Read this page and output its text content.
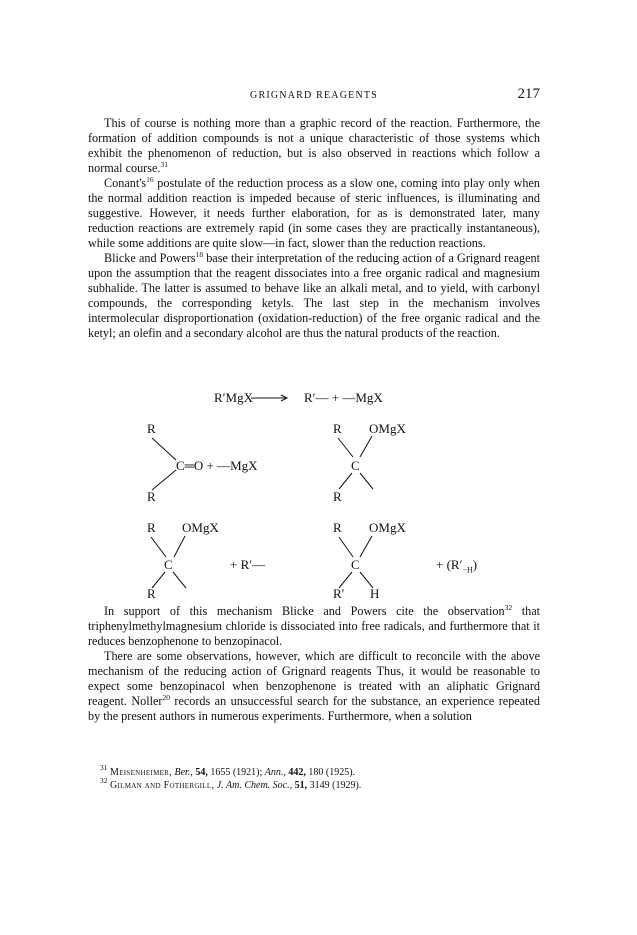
GRIGNARD REAGENTS	217

This of course is nothing more than a graphic record of the reaction. Furthermore, the formation of addition compounds is not a unique characteristic of those systems which exhibit the phenomenon of reduction, but is also observed in reactions which follow a normal course.$^{31}$

$Conant's^{16}$ postulate of the reduction process as a slow one, coming into play only when the normal addition reaction is impeded because of steric influences, is illuminating and suggestive. However, it needs further elaboration, for as is demonstrated later, many reduction reactions are extremely rapid (in some cases they are practically instantaneous), while some additions are quite slow—in fact, slower than the reduction reactions.

Blicke and Powers$^{18}$ base their interpretation of the reducing action of a Grignard reagent upon the assumption that the reagent dissociates into a free organic radical and magnesium subhalide. The latter is assumed to behave like an alkali metal, and to yield, with carbonyl compounds, the corresponding ketyls. The last step in the mechanism involves intermolecular disproportionation (oxidation-reduction) of the free organic radical and the ketyl; an olefin and a secondary alcohol are thus the natural products of the reaction.

R′MgX	R′— + —MgX
R
C═O + —MgX
R
R OMgX
C
R
R OMgX
C
R
+ R′—
R OMgX
C
R′ H
+ $(R'_{-H})$

In support of this mechanism Blicke and Powers cite the observation$^{32}$ that triphenylmethylmagnesium chloride is dissociated into free radicals, and furthermore that it reduces benzophenone to benzopinacol.

There are some observations, however, which are difficult to reconcile with the above mechanism of the reducing action of Grignard reagents Thus, it would be reasonable to expect some benzopinacol when benzophenone is treated with an aliphatic Grignard reagent. Noller$^{20}$ records an unsuccessful search for the substance, an experience repeated by the present authors in numerous experiments. Furthermore, when a solution

$^{31}$ Meisenheimer, Ber., 54, 1655 (1921); Ann., 442, 180 (1925).

$^{32}$ Gilman and Fothergill, J. Am. Chem. Soc., 51, 3149 (1929).
